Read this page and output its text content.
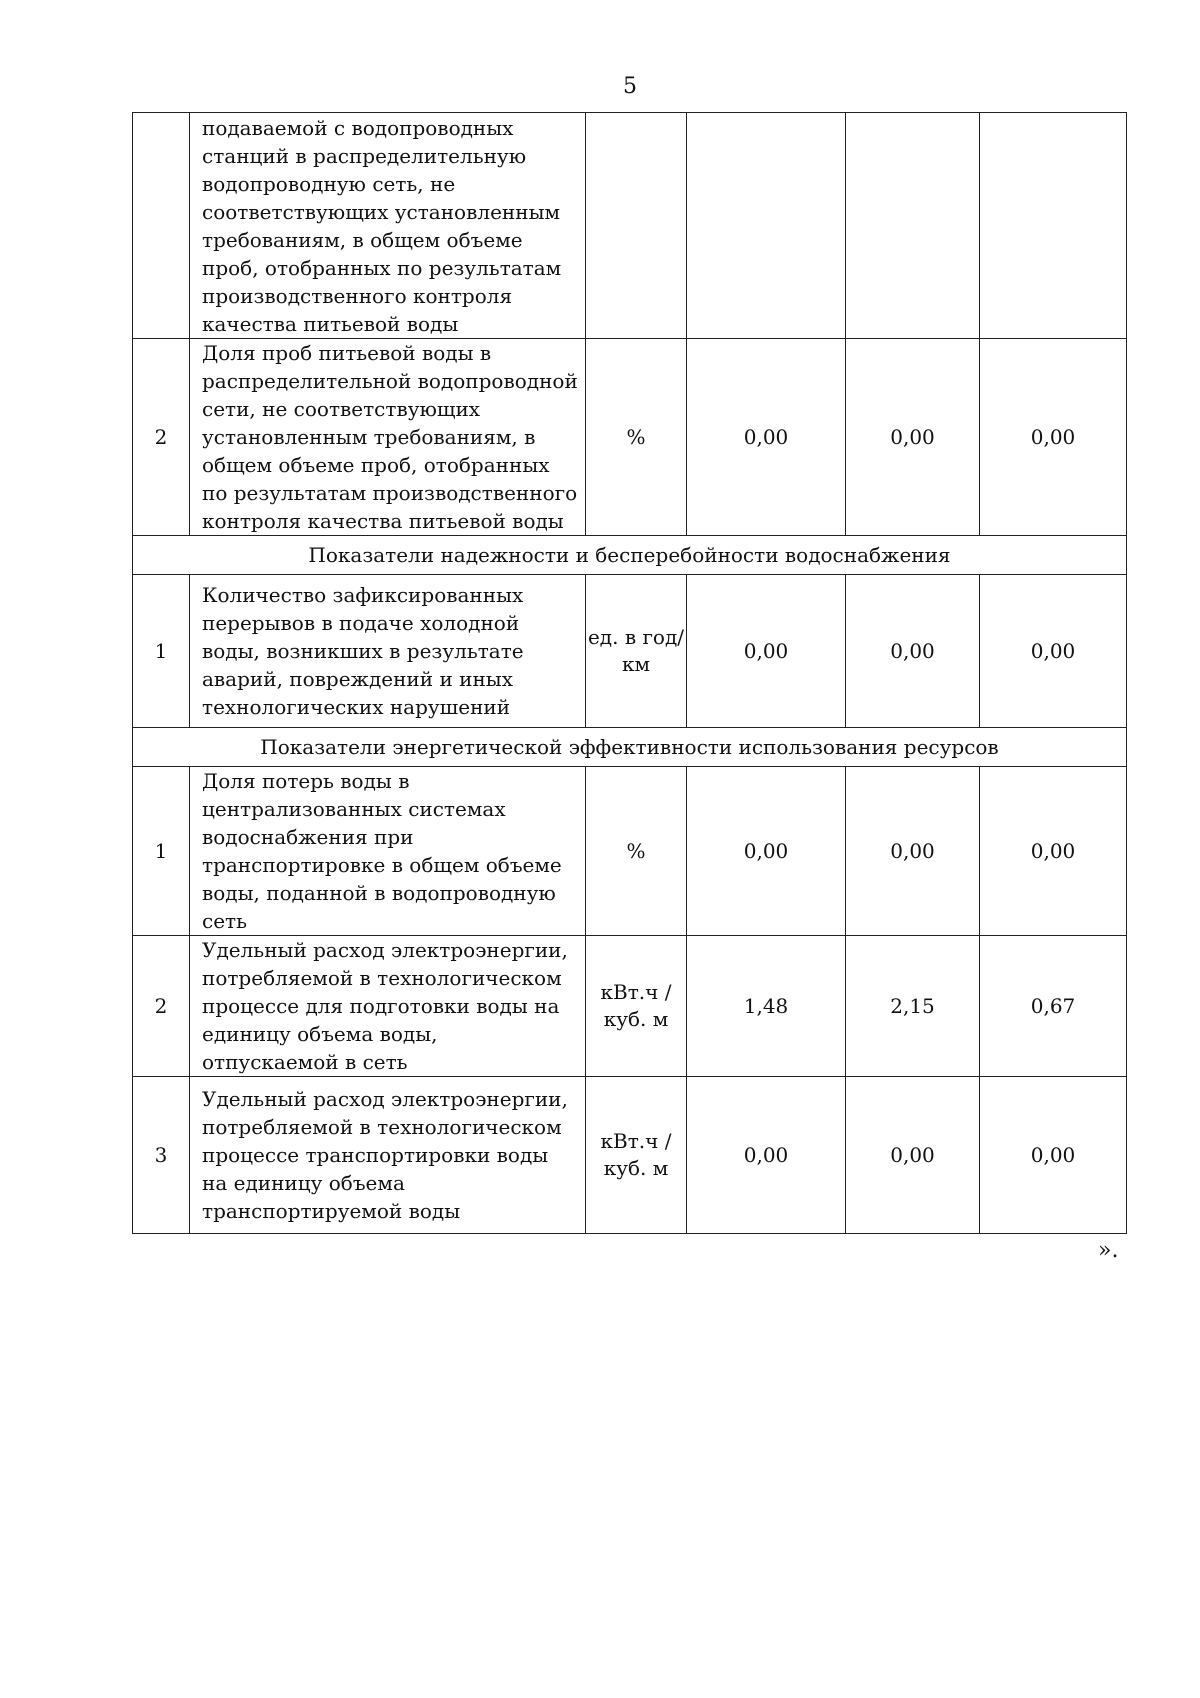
5
	подаваемой с водопроводных станций в распределительную водопроводную сеть, не соответствующих установленным требованиям, в общем объеме проб, отобранных по результатам производственного контроля качества питьевой воды				
2	Доля проб питьевой воды в распределительной водопроводной сети, не соответствующих установленным требованиям, в общем объеме проб, отобранных по результатам производственного контроля качества питьевой воды	%	0,00	0,00	0,00
Показатели надежности и бесперебойности водоснабжения					
1	Количество зафиксированных перерывов в подаче холодной воды, возникших в результате аварий, повреждений и иных технологических нарушений	ед. в год/ км	0,00	0,00	0,00
Показатели энергетической эффективности использования ресурсов					
1	Доля потерь воды в централизованных системах водоснабжения при транспортировке в общем объеме воды, поданной в водопроводную сеть	%	0,00	0,00	0,00
2	Удельный расход электроэнергии, потребляемой в технологическом процессе для подготовки воды на единицу объема воды, отпускаемой в сеть	кВт.ч / куб. м	1,48	2,15	0,67
3	Удельный расход электроэнергии, потребляемой в технологическом процессе транспортировки воды на единицу объема транспортируемой воды	кВт.ч / куб. м	0,00	0,00	0,00
».
